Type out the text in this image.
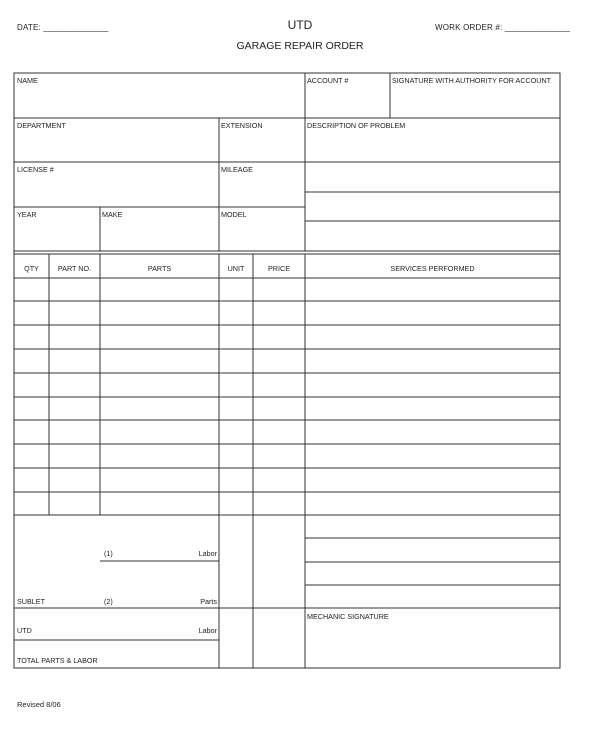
DATE: ______________	UTD
GARAGE REPAIR ORDER
WORK ORDER #: ______________
NAME	ACCOUNT #	SIGNATURE WITH AUTHORITY FOR ACCOUNT
DEPARTMENT	EXTENSION	DESCRIPTION OF PROBLEM
LICENSE #	MILEAGE
YEAR	MAKE	MODEL
QTY	PART NO.	PARTS	UNIT	PRICE	SERVICES PERFORMED
(1)	Labor
SUBLET	(2)	Parts
UTD	Labor
TOTAL PARTS & LABOR
MECHANIC SIGNATURE
Revised 8/06
